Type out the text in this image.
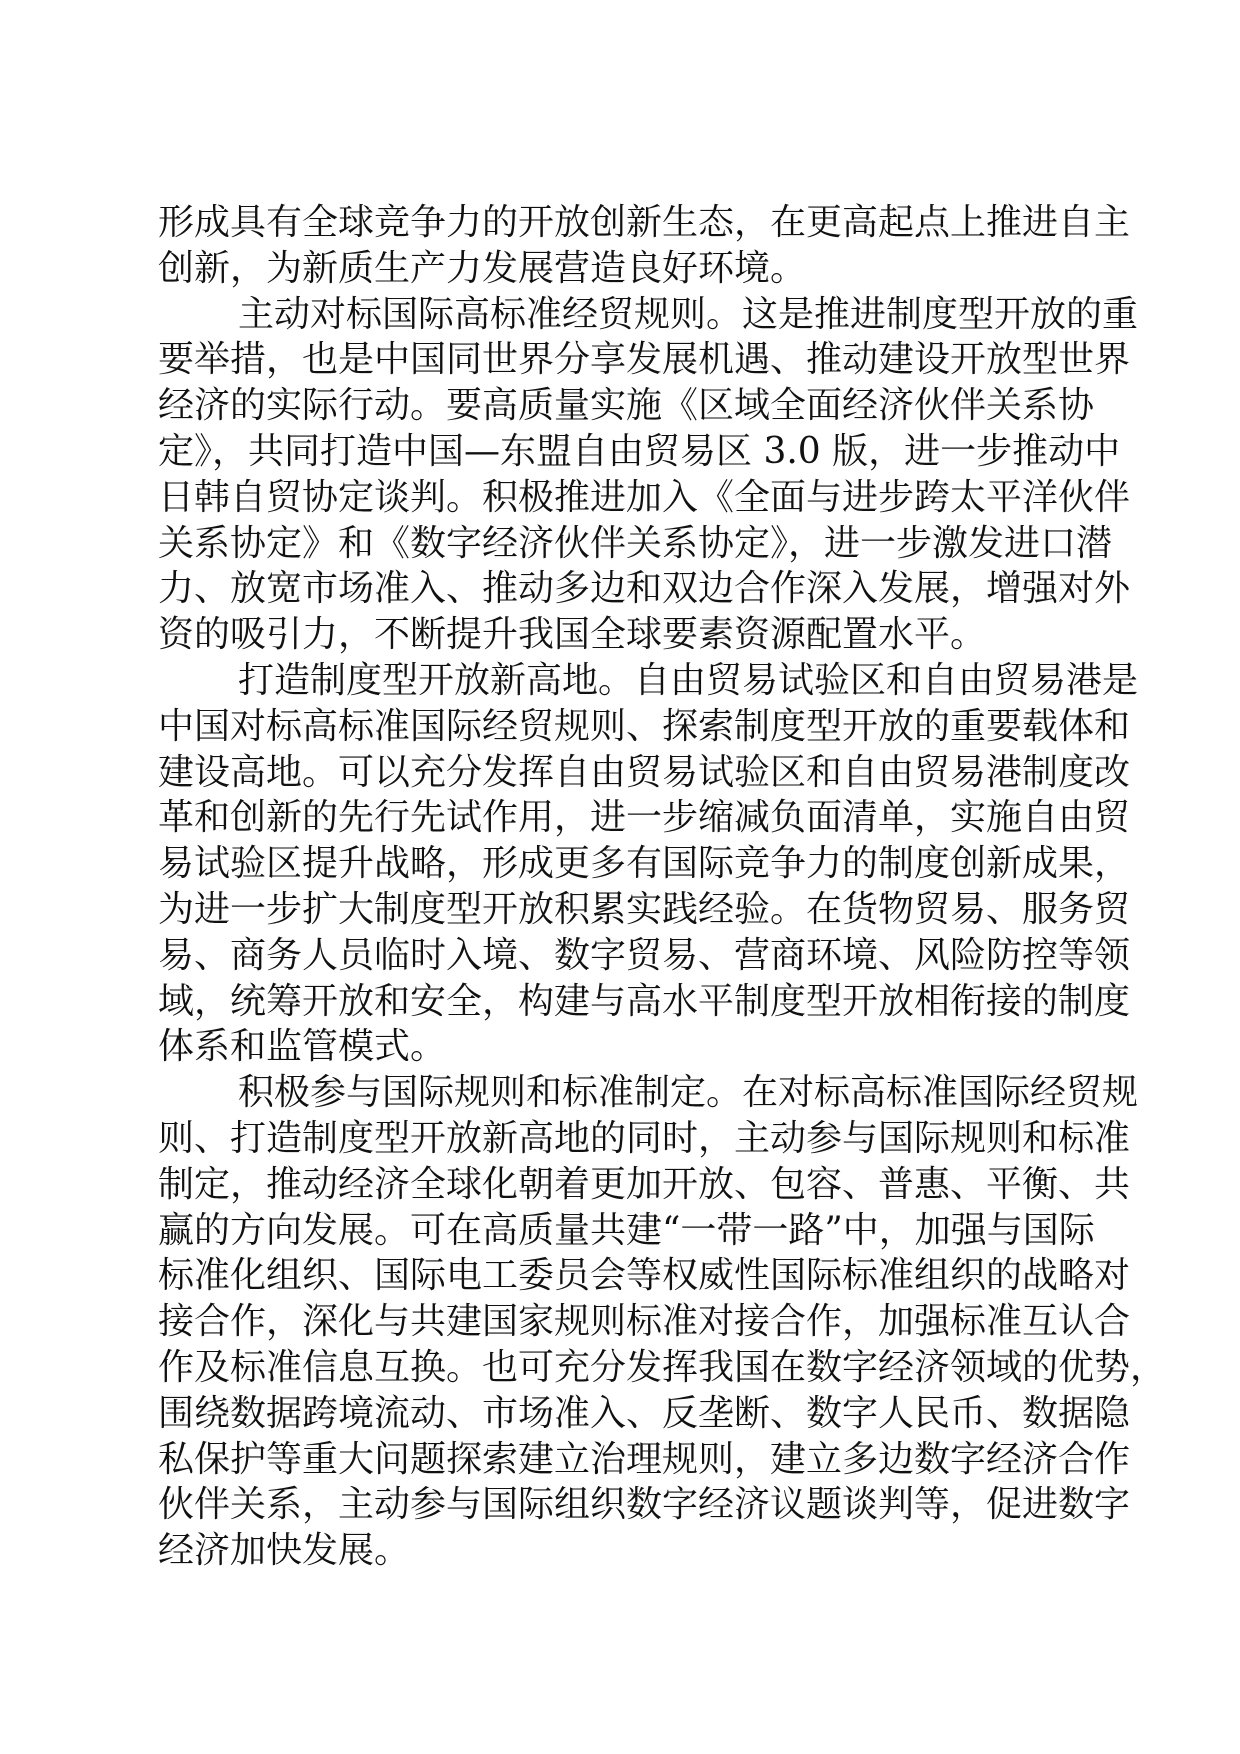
形成具有全球竞争力的开放创新生态，在更高起点上推进自主
创新，为新质生产力发展营造良好环境。
主动对标国际高标准经贸规则。这是推进制度型开放的重
要举措，也是中国同世界分享发展机遇、推动建设开放型世界
经济的实际行动。要高质量实施《区域全面经济伙伴关系协
定》，共同打造中国—东盟自由贸易区 3.0 版，进一步推动中
日韩自贸协定谈判。积极推进加入《全面与进步跨太平洋伙伴
关系协定》和《数字经济伙伴关系协定》，进一步激发进口潜
力、放宽市场准入、推动多边和双边合作深入发展，增强对外
资的吸引力，不断提升我国全球要素资源配置水平。
打造制度型开放新高地。自由贸易试验区和自由贸易港是
中国对标高标准国际经贸规则、探索制度型开放的重要载体和
建设高地。可以充分发挥自由贸易试验区和自由贸易港制度改
革和创新的先行先试作用，进一步缩减负面清单，实施自由贸
易试验区提升战略，形成更多有国际竞争力的制度创新成果，
为进一步扩大制度型开放积累实践经验。在货物贸易、服务贸
易、商务人员临时入境、数字贸易、营商环境、风险防控等领
域，统筹开放和安全，构建与高水平制度型开放相衔接的制度
体系和监管模式。
积极参与国际规则和标准制定。在对标高标准国际经贸规
则、打造制度型开放新高地的同时，主动参与国际规则和标准
制定，推动经济全球化朝着更加开放、包容、普惠、平衡、共
赢的方向发展。可在高质量共建“一带一路”中，加强与国际
标准化组织、国际电工委员会等权威性国际标准组织的战略对
接合作，深化与共建国家规则标准对接合作，加强标准互认合
作及标准信息互换。也可充分发挥我国在数字经济领域的优势，
围绕数据跨境流动、市场准入、反垄断、数字人民币、数据隐
私保护等重大问题探索建立治理规则，建立多边数字经济合作
伙伴关系，主动参与国际组织数字经济议题谈判等，促进数字
经济加快发展。
